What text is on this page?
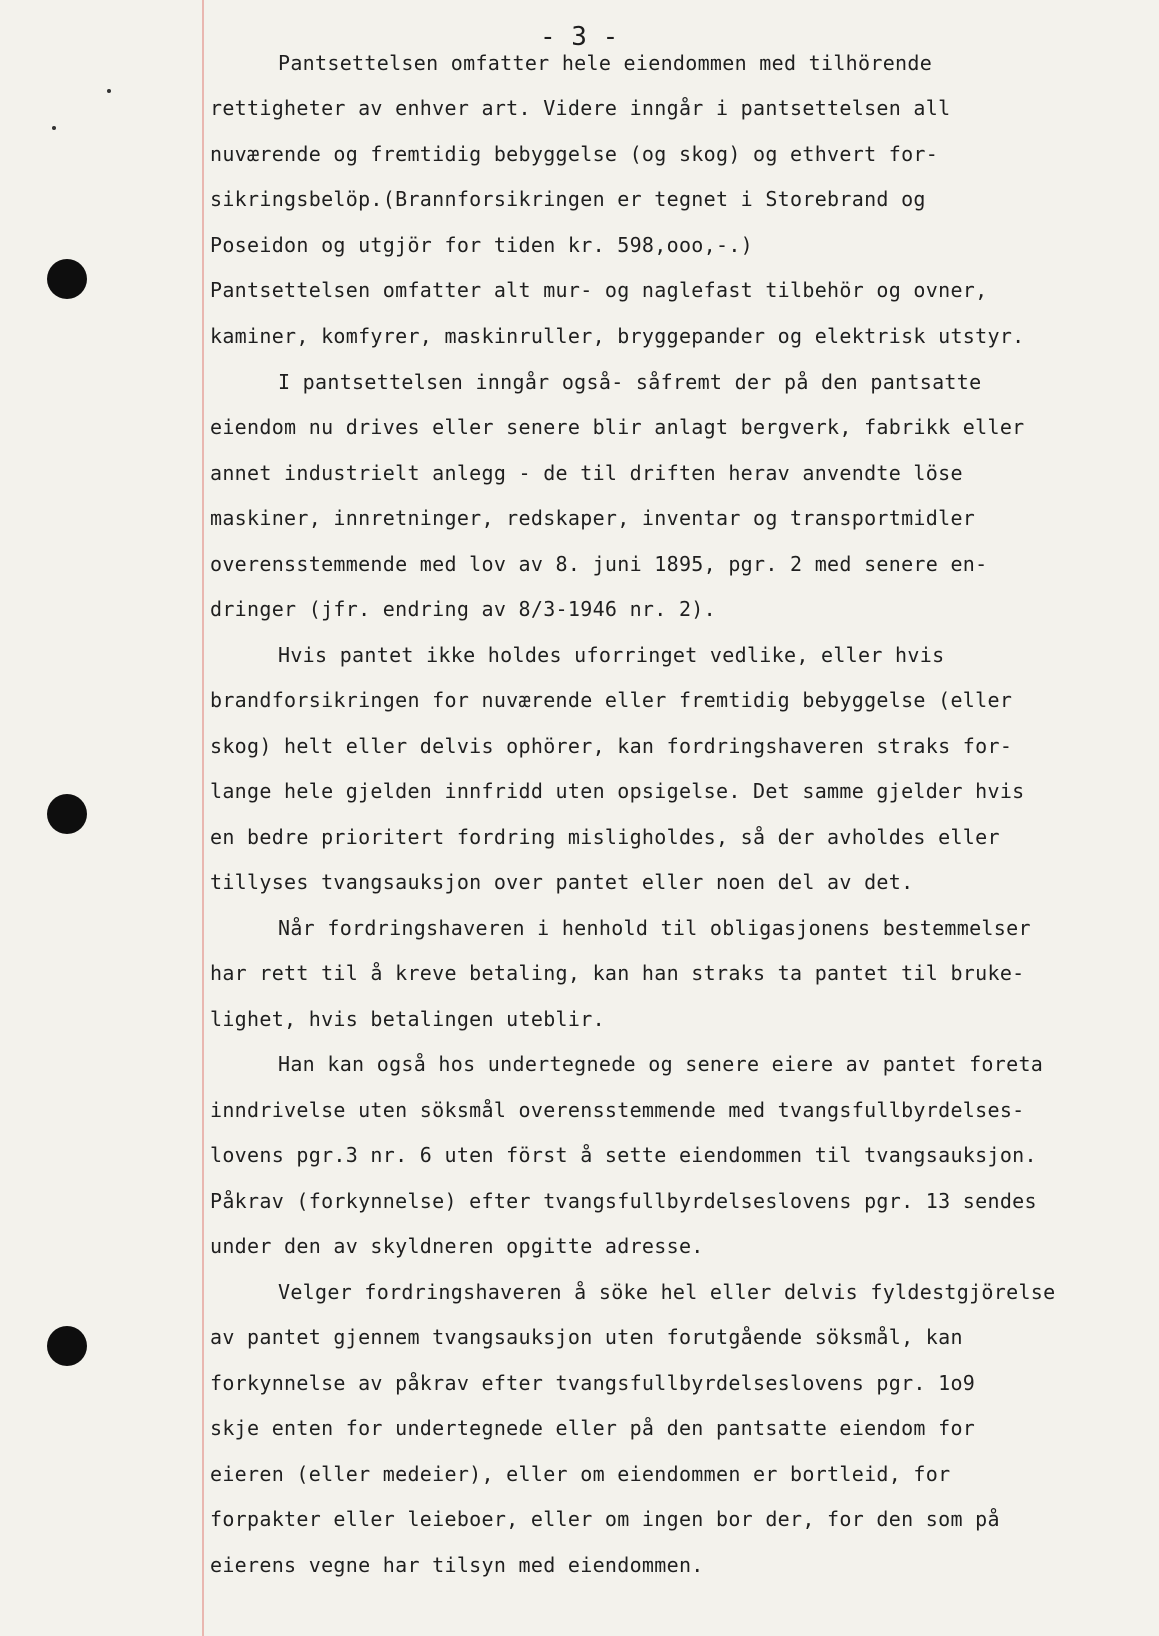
- 3 -
Pantsettelsen omfatter hele eiendommen med tilhörende
rettigheter av enhver art. Videre inngår i pantsettelsen all
nuværende og fremtidig bebyggelse (og skog) og ethvert for-
sikringsbelöp.(Brannforsikringen er tegnet i Storebrand og
Poseidon og utgjör for tiden kr. 598,ooo,-.)
Pantsettelsen omfatter alt mur- og naglefast tilbehör og ovner,
kaminer, komfyrer, maskinruller, bryggepander og elektrisk utstyr.
I pantsettelsen inngår også- såfremt der på den pantsatte
eiendom nu drives eller senere blir anlagt bergverk, fabrikk eller
annet industrielt anlegg - de til driften herav anvendte löse
maskiner, innretninger, redskaper, inventar og transportmidler
overensstemmende med lov av 8. juni 1895, pgr. 2 med senere en-
dringer (jfr. endring av 8/3-1946 nr. 2).
Hvis pantet ikke holdes uforringet vedlike, eller hvis
brandforsikringen for nuværende eller fremtidig bebyggelse (eller
skog) helt eller delvis ophörer, kan fordringshaveren straks for-
lange hele gjelden innfridd uten opsigelse. Det samme gjelder hvis
en bedre prioritert fordring misligholdes, så der avholdes eller
tillyses tvangsauksjon over pantet eller noen del av det.
Når fordringshaveren i henhold til obligasjonens bestemmelser
har rett til å kreve betaling, kan han straks ta pantet til bruke-
lighet, hvis betalingen uteblir.
Han kan også hos undertegnede og senere eiere av pantet foreta
inndrivelse uten söksmål overensstemmende med tvangsfullbyrdelses-
lovens pgr.3 nr. 6 uten först å sette eiendommen til tvangsauksjon.
Påkrav (forkynnelse) efter tvangsfullbyrdelseslovens pgr. 13 sendes
under den av skyldneren opgitte adresse.
Velger fordringshaveren å söke hel eller delvis fyldestgjörelse
av pantet gjennem tvangsauksjon uten forutgående söksmål, kan
forkynnelse av påkrav efter tvangsfullbyrdelseslovens pgr. 1o9
skje enten for undertegnede eller på den pantsatte eiendom for
eieren (eller medeier), eller om eiendommen er bortleid, for
forpakter eller leieboer, eller om ingen bor der, for den som på
eierens vegne har tilsyn med eiendommen.
